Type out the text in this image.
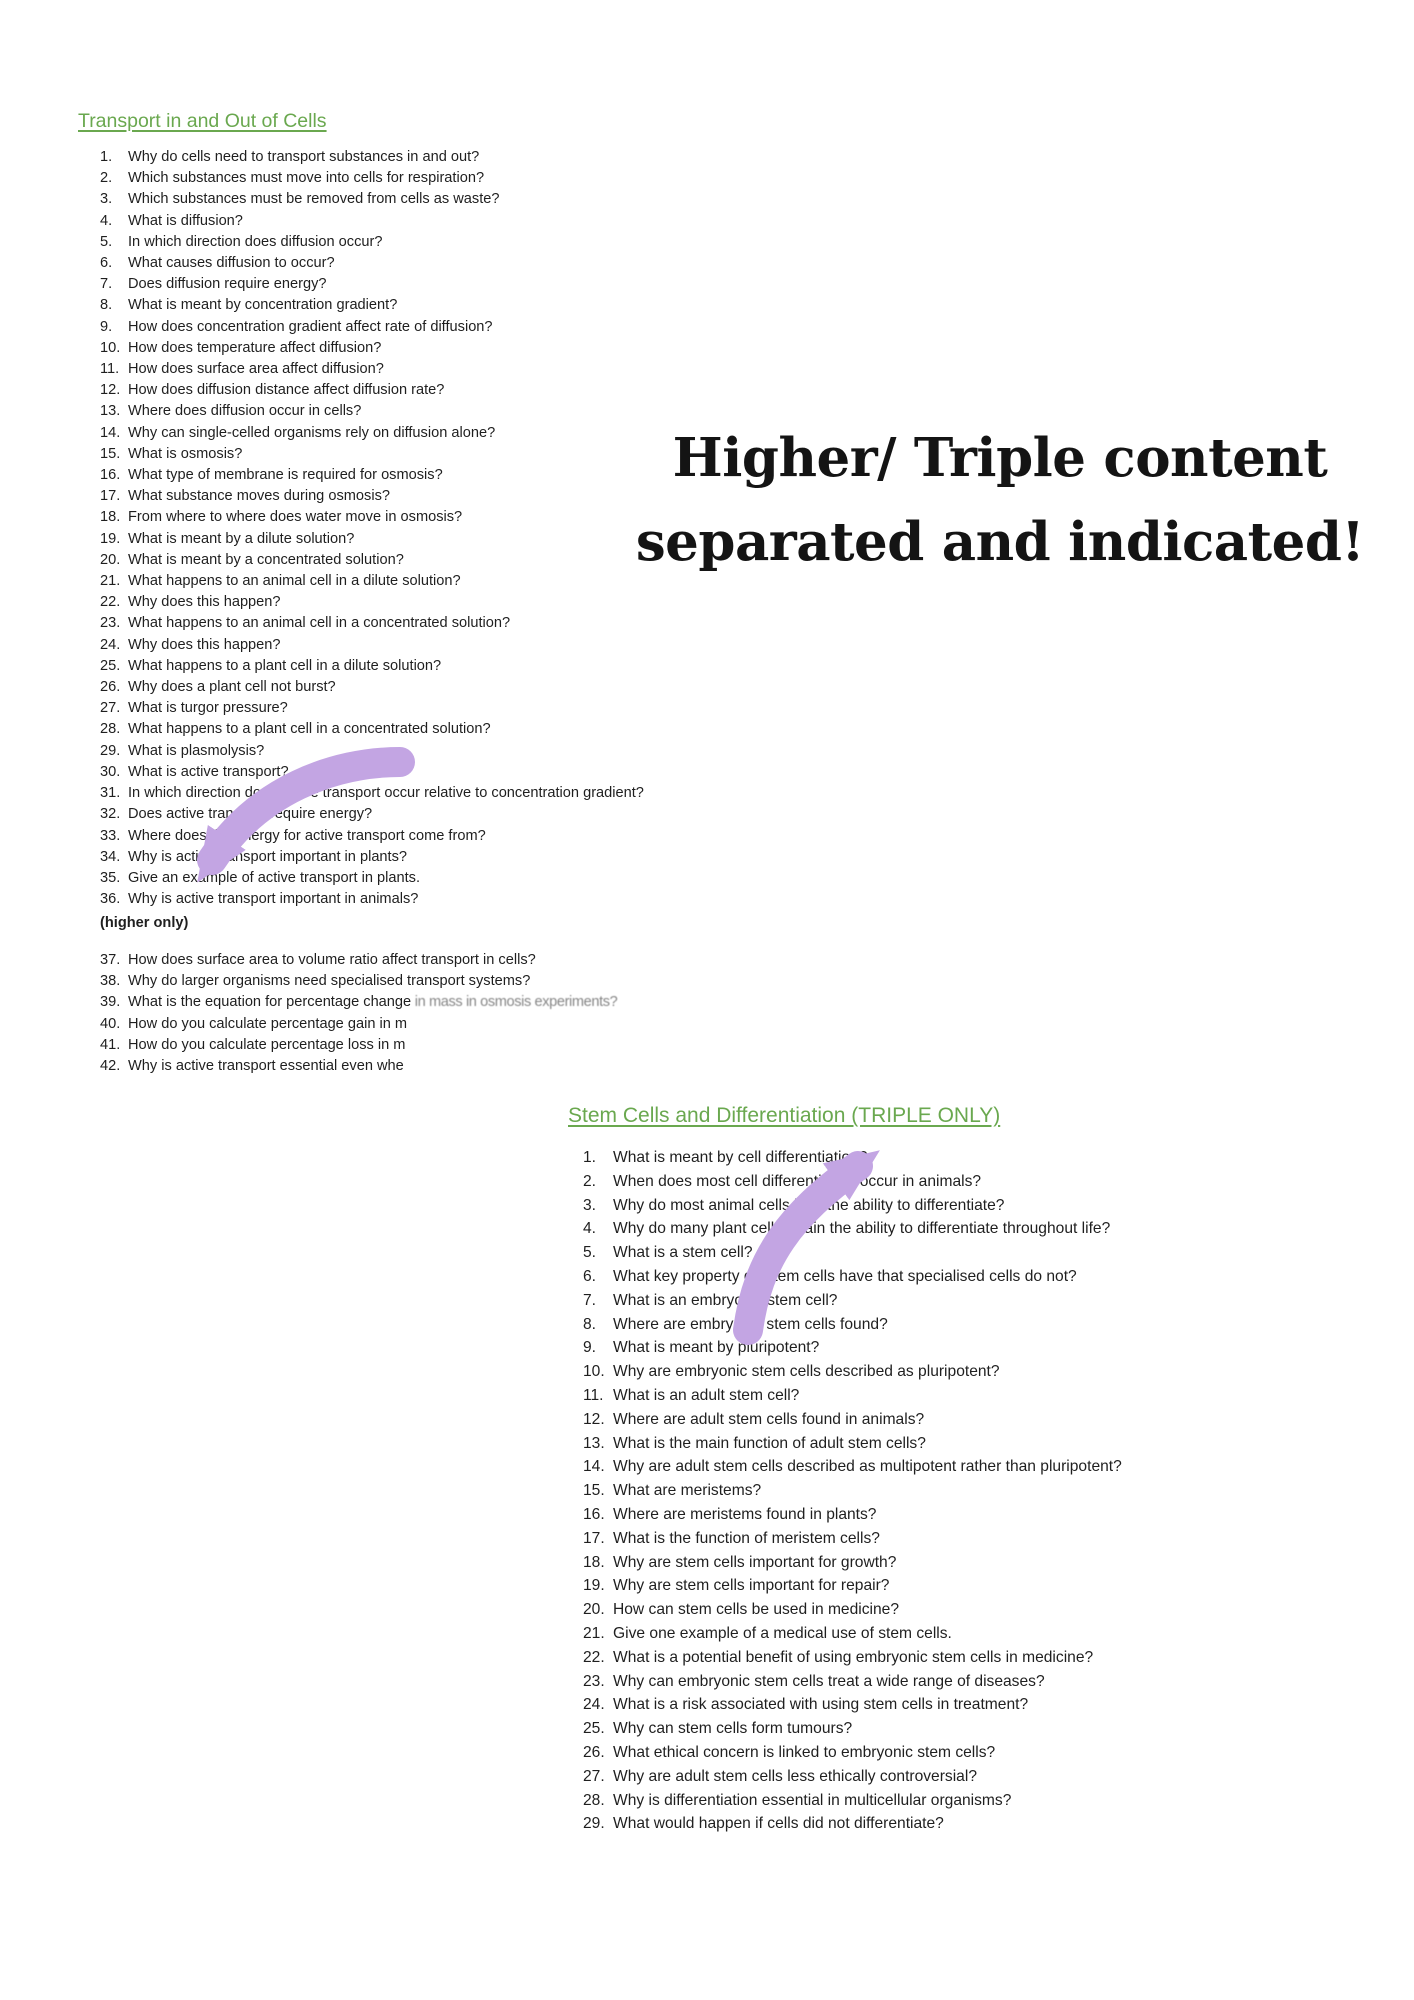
Transport in and Out of Cells
1.	Why do cells need to transport substances in and out?
2.	Which substances must move into cells for respiration?
3.	Which substances must be removed from cells as waste?
4.	What is diffusion?
5.	In which direction does diffusion occur?
6.	What causes diffusion to occur?
7.	Does diffusion require energy?
8.	What is meant by concentration gradient?
9.	How does concentration gradient affect rate of diffusion?
10. How does temperature affect diffusion?
11. How does surface area affect diffusion?
12. How does diffusion distance affect diffusion rate?
13. Where does diffusion occur in cells?
14. Why can single-celled organisms rely on diffusion alone?
15. What is osmosis?
16. What type of membrane is required for osmosis?
17. What substance moves during osmosis?
18. From where to where does water move in osmosis?
19. What is meant by a dilute solution?
20. What is meant by a concentrated solution?
21. What happens to an animal cell in a dilute solution?
22. Why does this happen?
23. What happens to an animal cell in a concentrated solution?
24. Why does this happen?
25. What happens to a plant cell in a dilute solution?
26. Why does a plant cell not burst?
27. What is turgor pressure?
28. What happens to a plant cell in a concentrated solution?
29. What is plasmolysis?
30. What is active transport?
31. In which direction does active transport occur relative to concentration gradient?
32. Does active transport require energy?
33. Where does the energy for active transport come from?
34. Why is active transport important in plants?
35. Give an example of active transport in plants.
36. Why is active transport important in animals?
(higher only)
37. How does surface area to volume ratio affect transport in cells?
38. Why do larger organisms need specialised transport systems?
39. What is the equation for percentage change in mass in osmosis experiments?
40. How do you calculate percentage gain in m
41. How do you calculate percentage loss in m
42. Why is active transport essential even whe
Higher/ Triple content
separated and indicated!
Stem Cells and Differentiation (TRIPLE ONLY)
1.	What is meant by cell differentiation?
2.	When does most cell differentiation occur in animals?
3.	Why do most animal cells lose the ability to differentiate?
4.	Why do many plant cells retain the ability to differentiate throughout life?
5.	What is a stem cell?
6.	What key property do stem cells have that specialised cells do not?
7.	What is an embryonic stem cell?
8.	Where are embryonic stem cells found?
9.	What is meant by pluripotent?
10. Why are embryonic stem cells described as pluripotent?
11. What is an adult stem cell?
12. Where are adult stem cells found in animals?
13. What is the main function of adult stem cells?
14. Why are adult stem cells described as multipotent rather than pluripotent?
15. What are meristems?
16. Where are meristems found in plants?
17. What is the function of meristem cells?
18. Why are stem cells important for growth?
19. Why are stem cells important for repair?
20. How can stem cells be used in medicine?
21. Give one example of a medical use of stem cells.
22. What is a potential benefit of using embryonic stem cells in medicine?
23. Why can embryonic stem cells treat a wide range of diseases?
24. What is a risk associated with using stem cells in treatment?
25. Why can stem cells form tumours?
26. What ethical concern is linked to embryonic stem cells?
27. Why are adult stem cells less ethically controversial?
28. Why is differentiation essential in multicellular organisms?
29. What would happen if cells did not differentiate?
